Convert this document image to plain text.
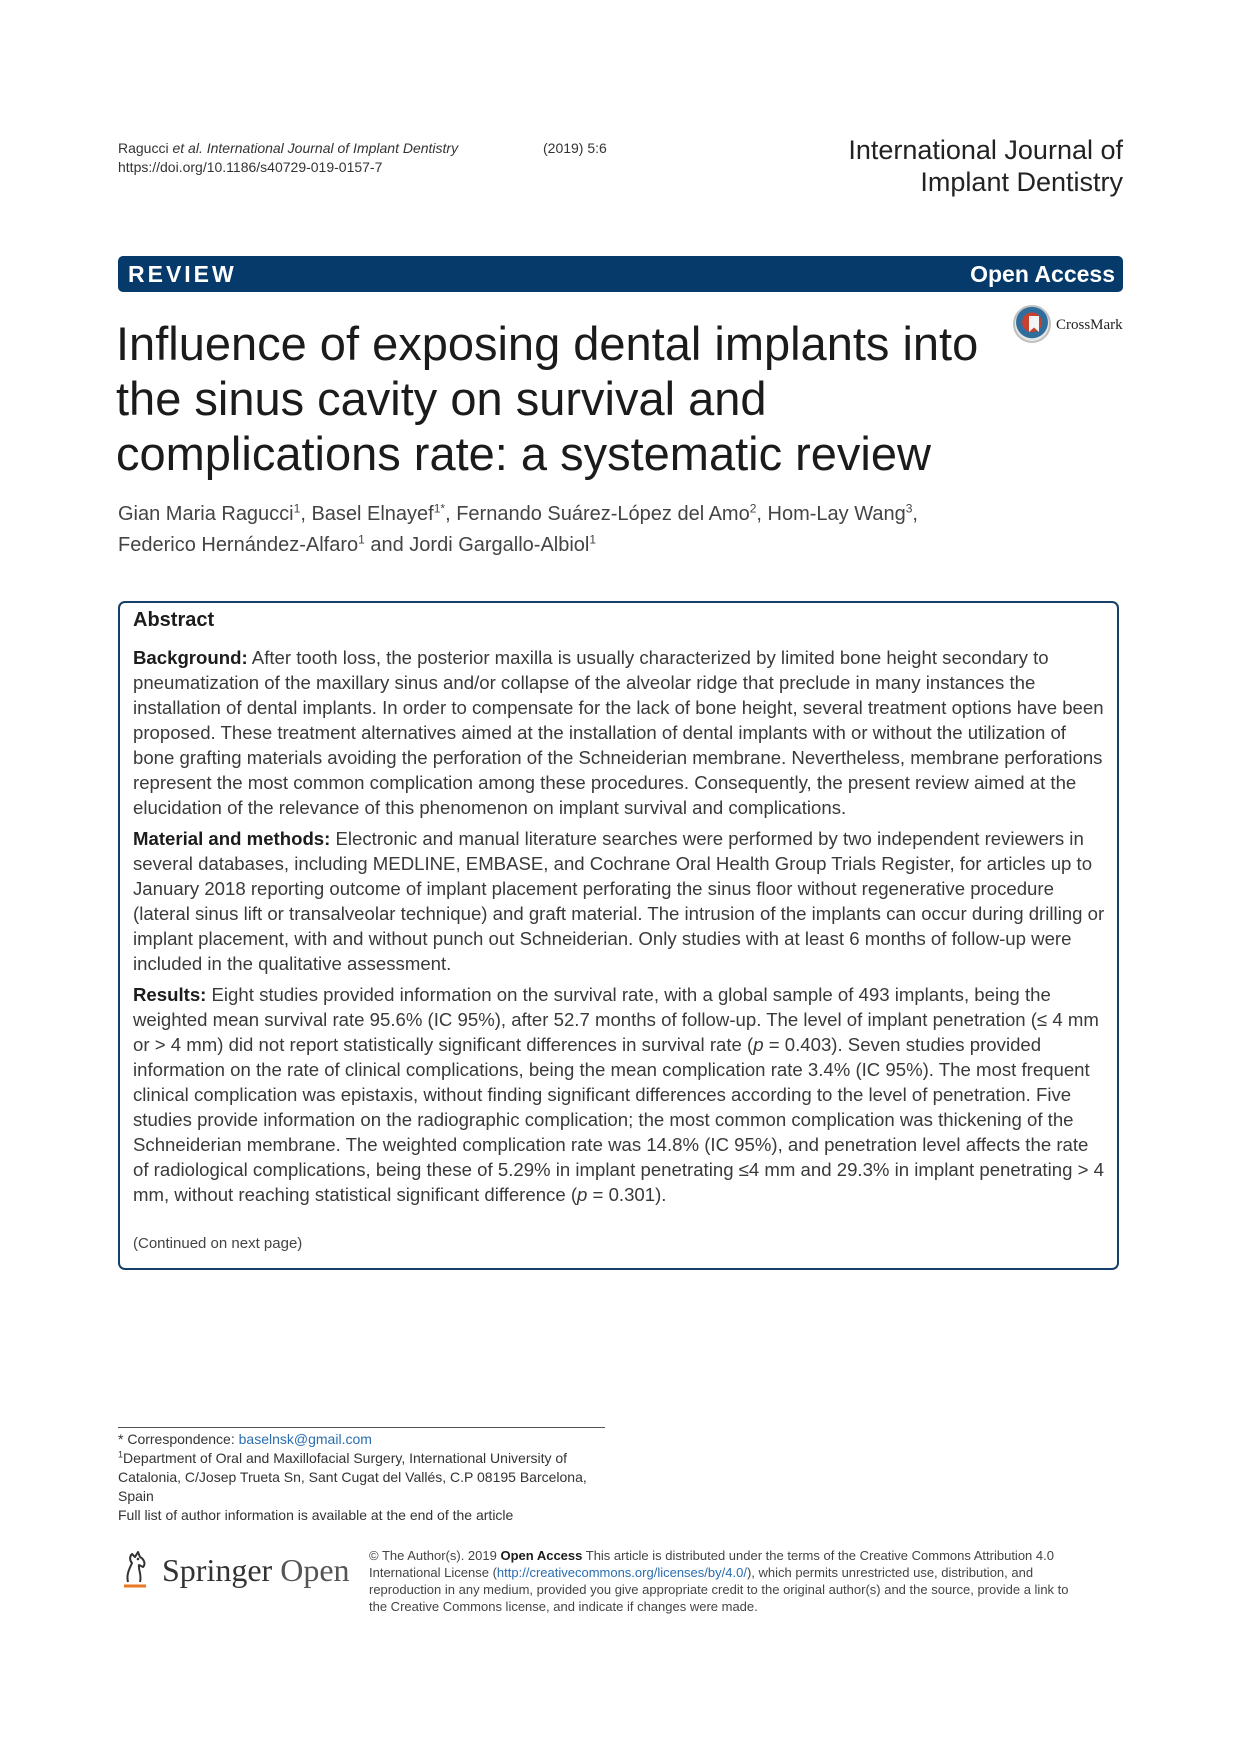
Ragucci et al. International Journal of Implant Dentistry	(2019) 5:6
https://doi.org/10.1186/s40729-019-0157-7
International Journal of
Implant Dentistry
REVIEW	Open Access
CrossMark
Influence of exposing dental implants into the sinus cavity on survival and complications rate: a systematic review
Gian Maria Ragucci$^1$, Basel Elnayef$^{1*}$, Fernando Suárez-López del Amo$^2$, Hom-Lay Wang$^3$,
Federico Hernández-Alfaro$^1$ and Jordi Gargallo-Albiol$^1$
Abstract

Background: After tooth loss, the posterior maxilla is usually characterized by limited bone height secondary to pneumatization of the maxillary sinus and/or collapse of the alveolar ridge that preclude in many instances the installation of dental implants. In order to compensate for the lack of bone height, several treatment options have been proposed. These treatment alternatives aimed at the installation of dental implants with or without the utilization of bone grafting materials avoiding the perforation of the Schneiderian membrane. Nevertheless, membrane perforations represent the most common complication among these procedures. Consequently, the present review aimed at the elucidation of the relevance of this phenomenon on implant survival and complications.

Material and methods: Electronic and manual literature searches were performed by two independent reviewers in several databases, including MEDLINE, EMBASE, and Cochrane Oral Health Group Trials Register, for articles up to January 2018 reporting outcome of implant placement perforating the sinus floor without regenerative procedure (lateral sinus lift or transalveolar technique) and graft material. The intrusion of the implants can occur during drilling or implant placement, with and without punch out Schneiderian. Only studies with at least 6 months of follow-up were included in the qualitative assessment.

Results: Eight studies provided information on the survival rate, with a global sample of 493 implants, being the weighted mean survival rate 95.6% (IC 95%), after 52.7 months of follow-up. The level of implant penetration (≤ 4 mm or > 4 mm) did not report statistically significant differences in survival rate (p = 0.403). Seven studies provided information on the rate of clinical complications, being the mean complication rate 3.4% (IC 95%). The most frequent clinical complication was epistaxis, without finding significant differences according to the level of penetration. Five studies provide information on the radiographic complication; the most common complication was thickening of the Schneiderian membrane. The weighted complication rate was 14.8% (IC 95%), and penetration level affects the rate of radiological complications, being these of 5.29% in implant penetrating ≤4 mm and 29.3% in implant penetrating > 4 mm, without reaching statistical significant difference (p = 0.301).

(Continued on next page)
* Correspondence: baselnsk@gmail.com
$^1$Department of Oral and Maxillofacial Surgery, International University of Catalonia, C/Josep Trueta Sn, Sant Cugat del Vallés, C.P 08195 Barcelona, Spain
Full list of author information is available at the end of the article
Springer Open © The Author(s). 2019 Open Access This article is distributed under the terms of the Creative Commons Attribution 4.0 International License (http://creativecommons.org/licenses/by/4.0/), which permits unrestricted use, distribution, and reproduction in any medium, provided you give appropriate credit to the original author(s) and the source, provide a link to the Creative Commons license, and indicate if changes were made.
